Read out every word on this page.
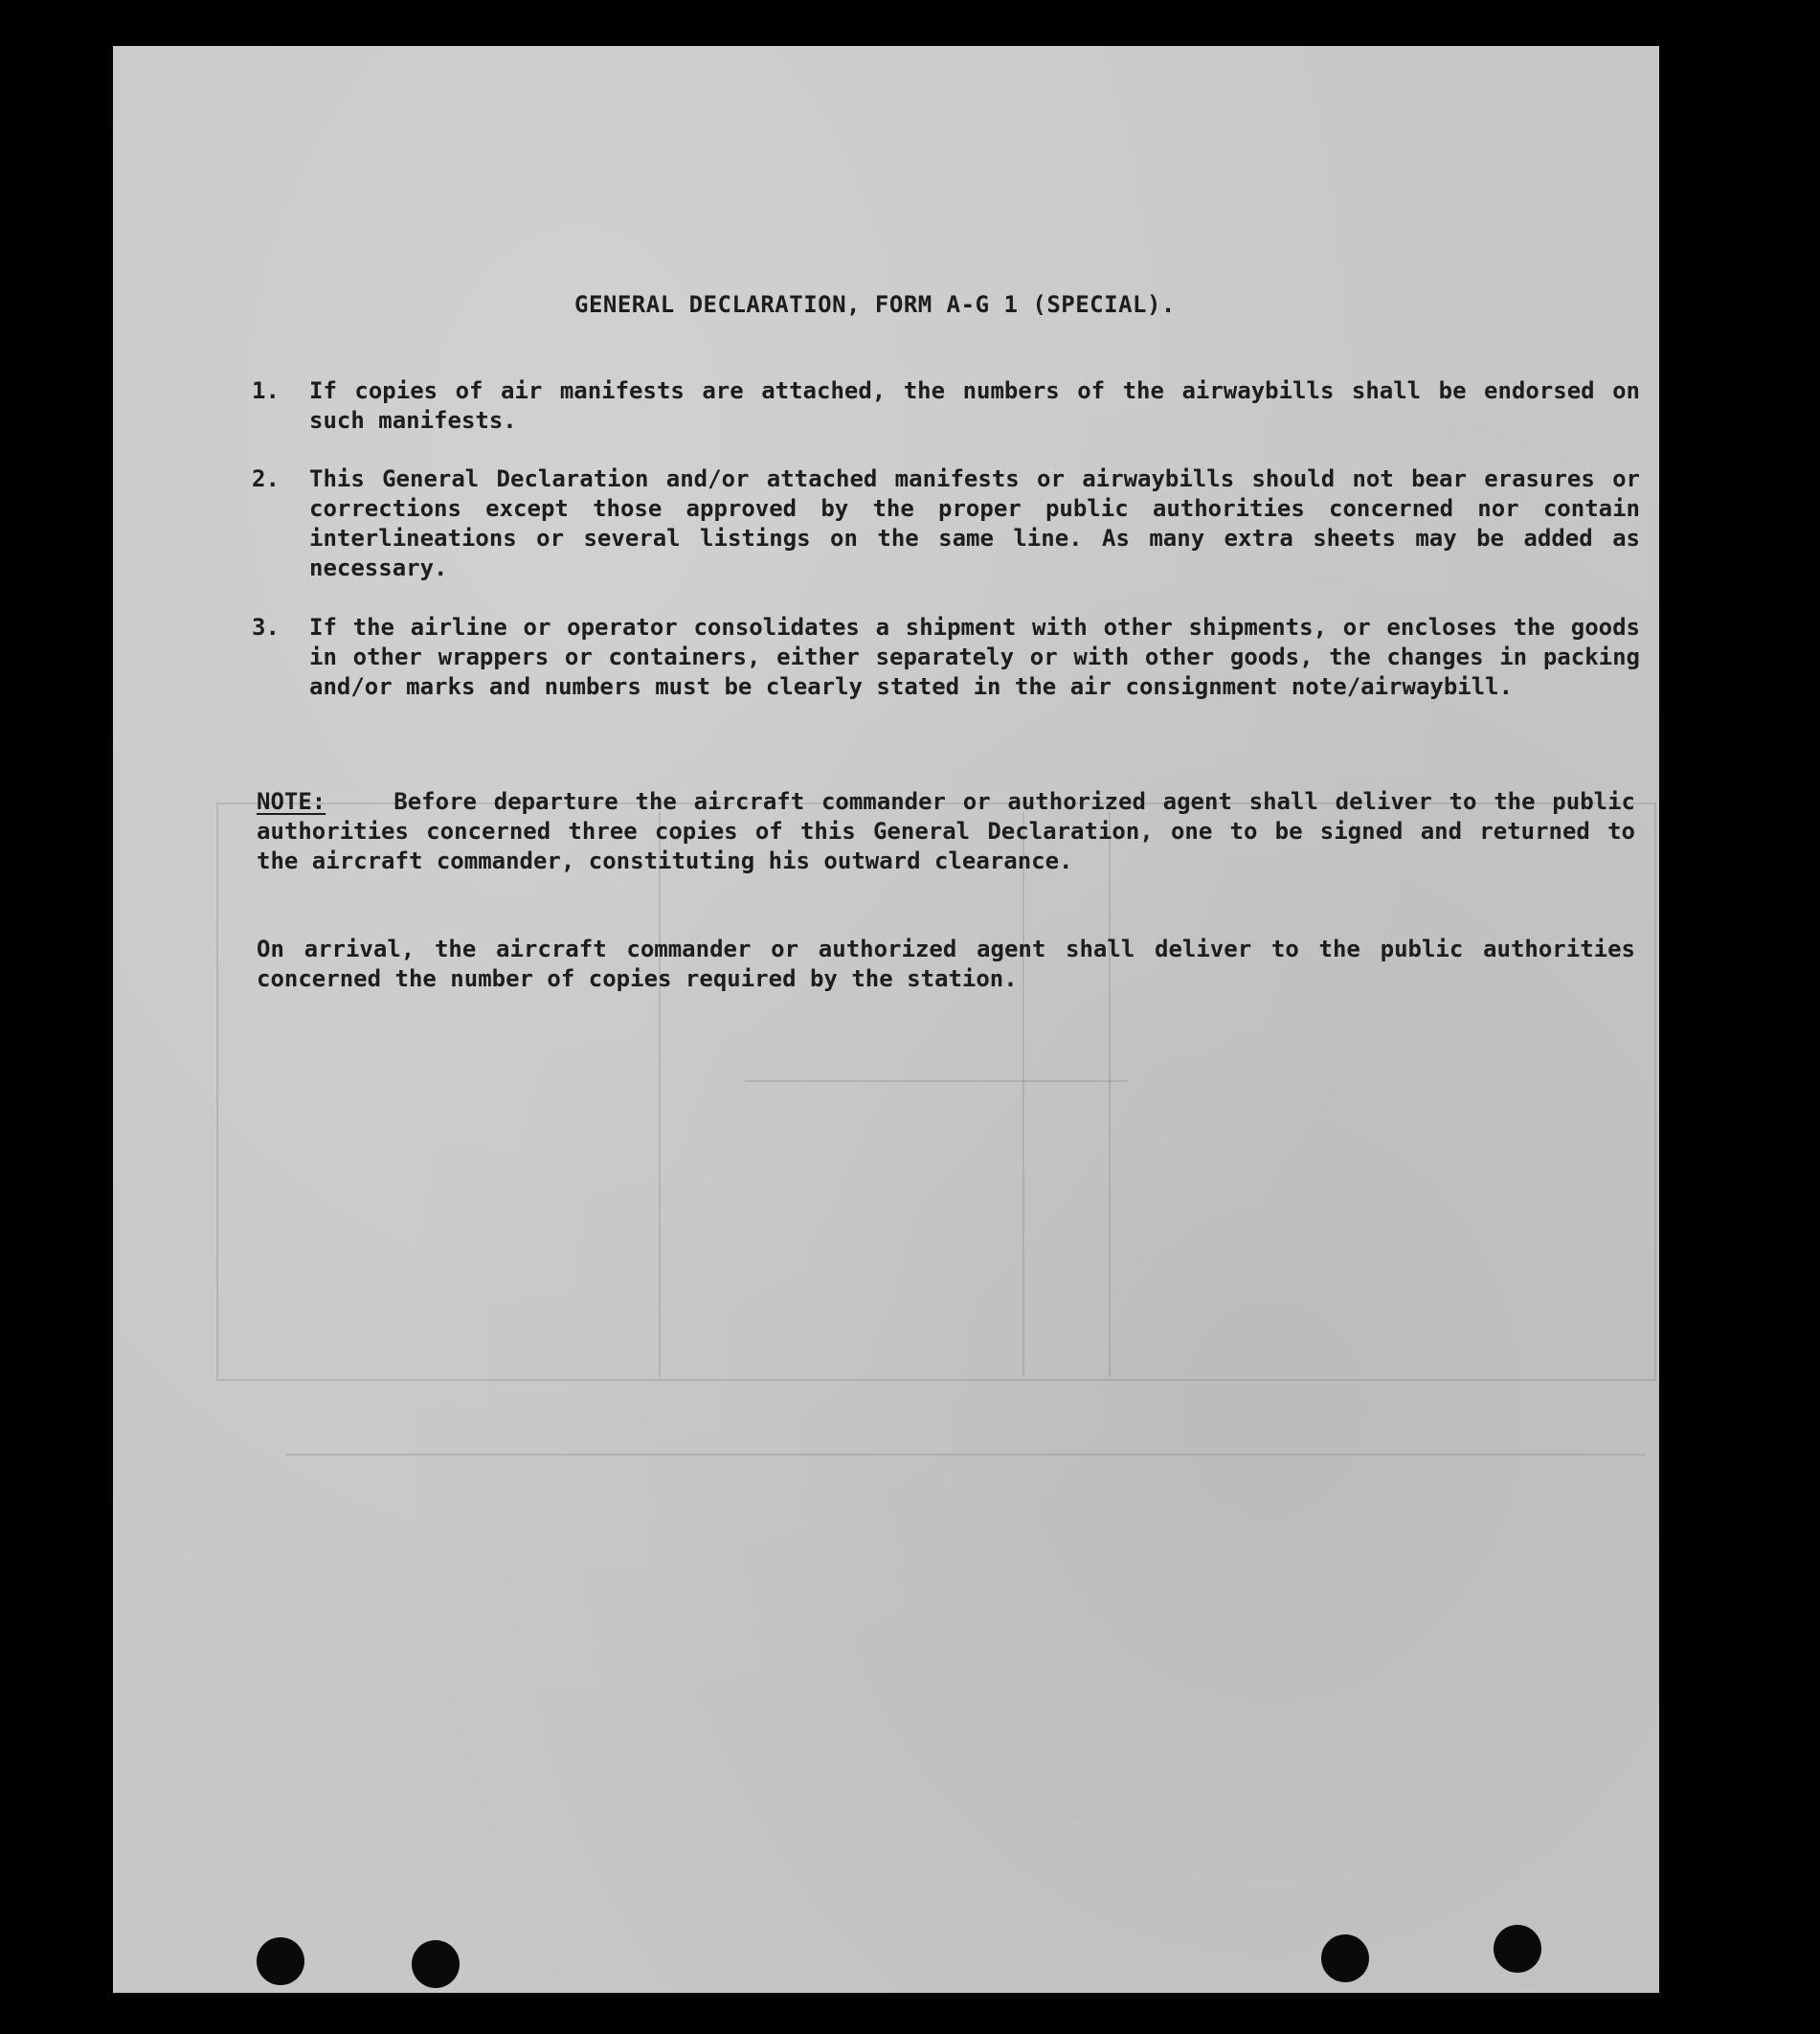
GENERAL DECLARATION, FORM A-G 1 (SPECIAL).
1.	If copies of air manifests are attached, the numbers of the airwaybills shall be endorsed on such manifests.
2.	This General Declaration and/or attached manifests or airwaybills should not bear erasures or corrections except those approved by the proper public authorities concerned nor contain interlineations or several listings on the same line. As many extra sheets may be added as necessary.
3.	If the airline or operator consolidates a shipment with other shipments, or encloses the goods in other wrappers or containers, either separately or with other goods, the changes in packing and/or marks and numbers must be clearly stated in the air consignment note/airwaybill.
NOTE:	Before departure the aircraft commander or authorized agent shall deliver to the public authorities concerned three copies of this General Declaration, one to be signed and returned to the aircraft commander, constituting his outward clearance.
On arrival, the aircraft commander or authorized agent shall deliver to the public authorities concerned the number of copies required by the station.
